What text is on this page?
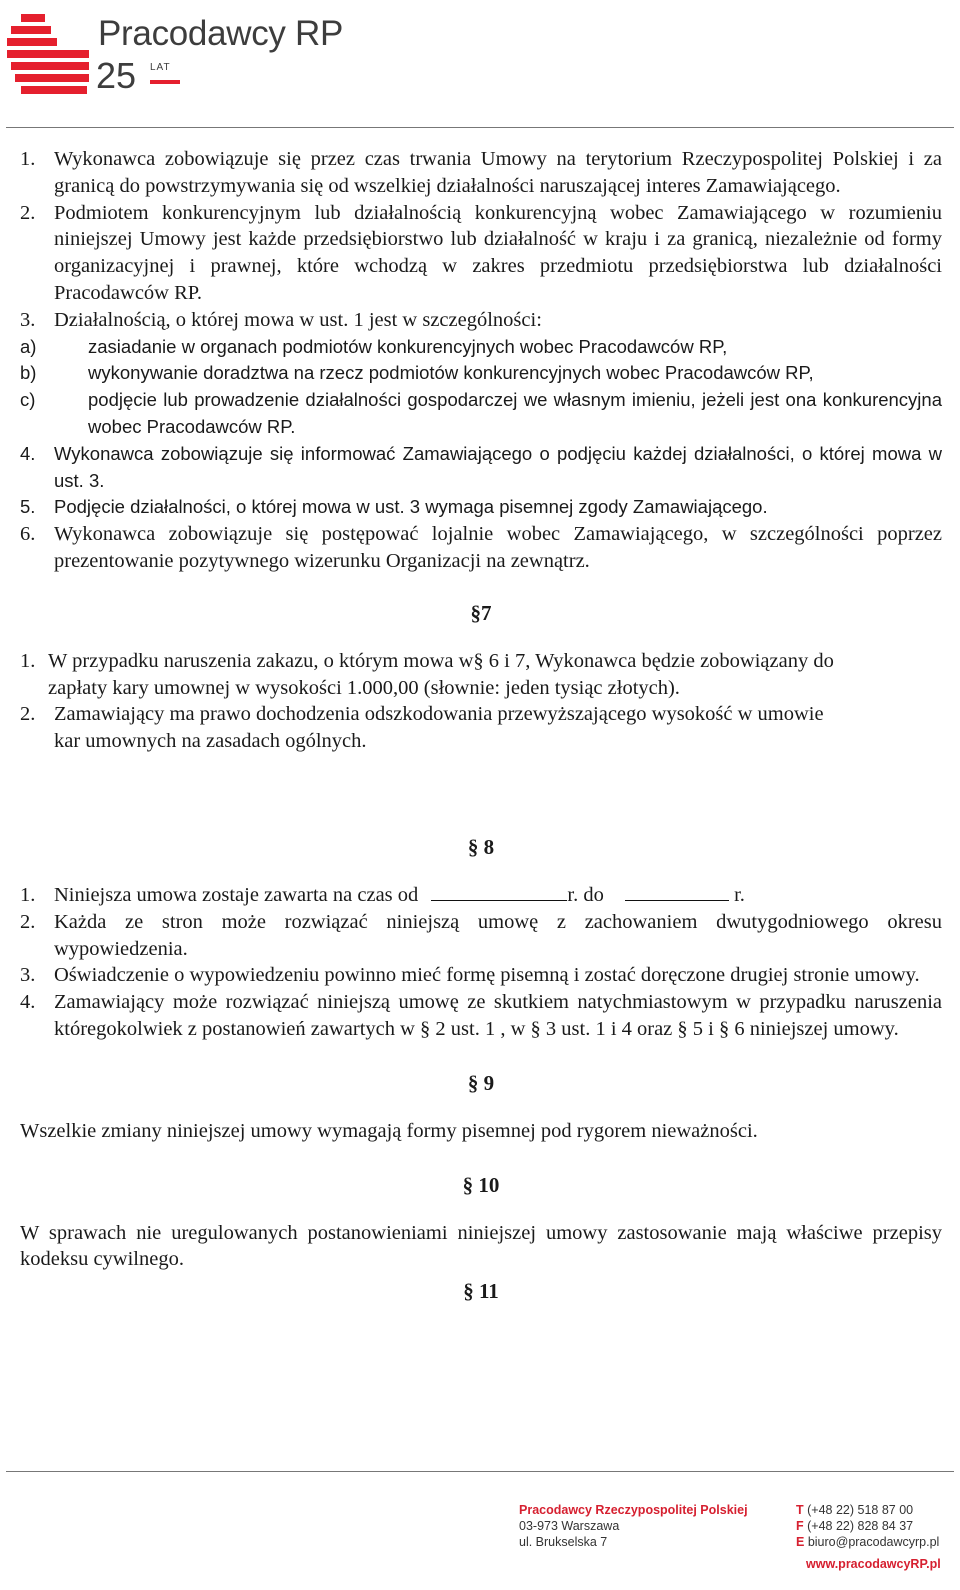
Pracodawcy RP
25 LAT
1. Wykonawca zobowiązuje się przez czas trwania Umowy na terytorium Rzeczypospolitej Polskiej i za granicą do powstrzymywania się od wszelkiej działalności naruszającej interes Zamawiającego.
2. Podmiotem konkurencyjnym lub działalnością konkurencyjną wobec Zamawiającego w rozumieniu niniejszej Umowy jest każde przedsiębiorstwo lub działalność w kraju i za granicą, niezależnie od formy organizacyjnej i prawnej, które wchodzą w zakres przedmiotu przedsiębiorstwa lub działalności Pracodawców RP.
3. Działalnością, o której mowa w ust. 1 jest w szczególności:
a)	zasiadanie w organach podmiotów konkurencyjnych wobec Pracodawców RP,
b)	wykonywanie doradztwa na rzecz podmiotów konkurencyjnych wobec Pracodawców RP,
c)	podjęcie lub prowadzenie działalności gospodarczej we własnym imieniu, jeżeli jest ona konkurencyjna wobec Pracodawców RP.
4. Wykonawca zobowiązuje się informować Zamawiającego o podjęciu każdej działalności, o której mowa w ust. 3.
5. Podjęcie działalności, o której mowa w ust. 3 wymaga pisemnej zgody Zamawiającego.
6. Wykonawca zobowiązuje się postępować lojalnie wobec Zamawiającego, w szczególności poprzez prezentowanie pozytywnego wizerunku Organizacji na zewnątrz.

§7

1. W przypadku naruszenia zakazu, o którym mowa w§ 6 i 7, Wykonawca będzie zobowiązany do zapłaty kary umownej w wysokości 1.000,00 (słownie: jeden tysiąc złotych).
2. Zamawiający ma prawo dochodzenia odszkodowania przewyższającego wysokość w umowie kar umownych na zasadach ogólnych.

§ 8

1. Niniejsza umowa zostaje zawarta na czas od	r. do	r.
2. Każda ze stron może rozwiązać niniejszą umowę z zachowaniem dwutygodniowego okresu wypowiedzenia.
3. Oświadczenie o wypowiedzeniu powinno mieć formę pisemną i zostać doręczone drugiej stronie umowy.
4. Zamawiający może rozwiązać niniejszą umowę ze skutkiem natychmiastowym w przypadku naruszenia któregokolwiek z postanowień zawartych w § 2 ust. 1 , w § 3 ust. 1 i 4 oraz § 5 i § 6 niniejszej umowy.

§ 9

Wszelkie zmiany niniejszej umowy wymagają formy pisemnej pod rygorem nieważności.

§ 10

W sprawach nie uregulowanych postanowieniami niniejszej umowy zastosowanie mają właściwe przepisy kodeksu cywilnego.

§ 11

Pracodawcy Rzeczypospolitej Polskiej
03-973 Warszawa
ul. Brukselska 7
T (+48 22) 518 87 00
F (+48 22) 828 84 37
E biuro@pracodawcyrp.pl
www.pracodawcyRP.pl
